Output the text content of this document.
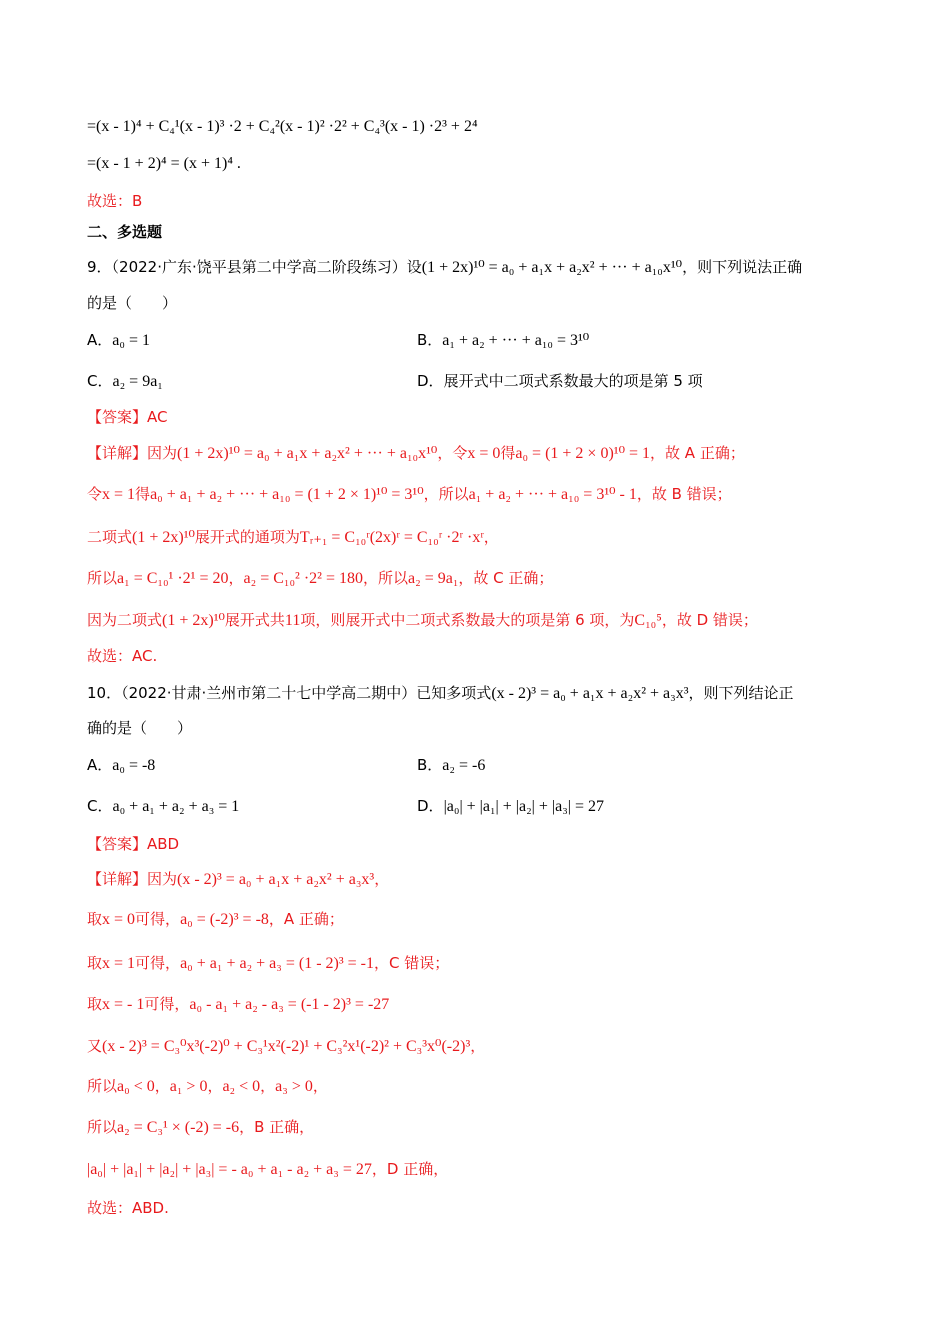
=(x - 1)⁴ + C₄¹(x - 1)³ ·2 + C₄²(x - 1)² ·2² + C₄³(x - 1) ·2³ + 2⁴
=(x - 1 + 2)⁴ = (x + 1)⁴ .
故选：B
二、多选题
9．（2022·广东·饶平县第二中学高二阶段练习）设(1 + 2x)¹⁰ = a₀ + a₁x + a₂x² + ··· + a₁₀x¹⁰，则下列说法正确
的是（　　）
A．a₀ = 1	B．a₁ + a₂ + ··· + a₁₀ = 3¹⁰
C．a₂ = 9a₁	D．展开式中二项式系数最大的项是第 5 项
【答案】AC
【详解】因为(1 + 2x)¹⁰ = a₀ + a₁x + a₂x² + ··· + a₁₀x¹⁰，令x = 0得a₀ = (1 + 2 × 0)¹⁰ = 1，故 A 正确；
令x = 1得a₀ + a₁ + a₂ + ··· + a₁₀ = (1 + 2 × 1)¹⁰ = 3¹⁰，所以a₁ + a₂ + ··· + a₁₀ = 3¹⁰ - 1，故 B 错误；
二项式(1 + 2x)¹⁰展开式的通项为Tᵣ₊₁ = C₁₀ʳ(2x)ʳ = C₁₀ʳ ·2ʳ ·xʳ，
所以a₁ = C₁₀¹ ·2¹ = 20，a₂ = C₁₀² ·2² = 180，所以a₂ = 9a₁，故 C 正确；
因为二项式(1 + 2x)¹⁰展开式共11项，则展开式中二项式系数最大的项是第 6 项，为C₁₀⁵，故 D 错误；
故选：AC.
10．（2022·甘肃·兰州市第二十七中学高二期中）已知多项式(x - 2)³ = a₀ + a₁x + a₂x² + a₃x³，则下列结论正
确的是（　　）
A．a₀ = -8	B．a₂ = -6
C．a₀ + a₁ + a₂ + a₃ = 1	D．|a₀| + |a₁| + |a₂| + |a₃| = 27
【答案】ABD
【详解】因为(x - 2)³ = a₀ + a₁x + a₂x² + a₃x³，
取x = 0可得，a₀ = (-2)³ = -8，A 正确；
取x = 1可得，a₀ + a₁ + a₂ + a₃ = (1 - 2)³ = -1，C 错误；
取x = - 1可得，a₀ - a₁ + a₂ - a₃ = (-1 - 2)³ = -27
又(x - 2)³ = C₃⁰x³(-2)⁰ + C₃¹x²(-2)¹ + C₃²x¹(-2)² + C₃³x⁰(-2)³，
所以a₀ < 0，a₁ > 0，a₂ < 0，a₃ > 0，
所以a₂ = C₃¹ × (-2) = -6，B 正确，
|a₀| + |a₁| + |a₂| + |a₃| = - a₀ + a₁ - a₂ + a₃ = 27，D 正确，
故选：ABD.
